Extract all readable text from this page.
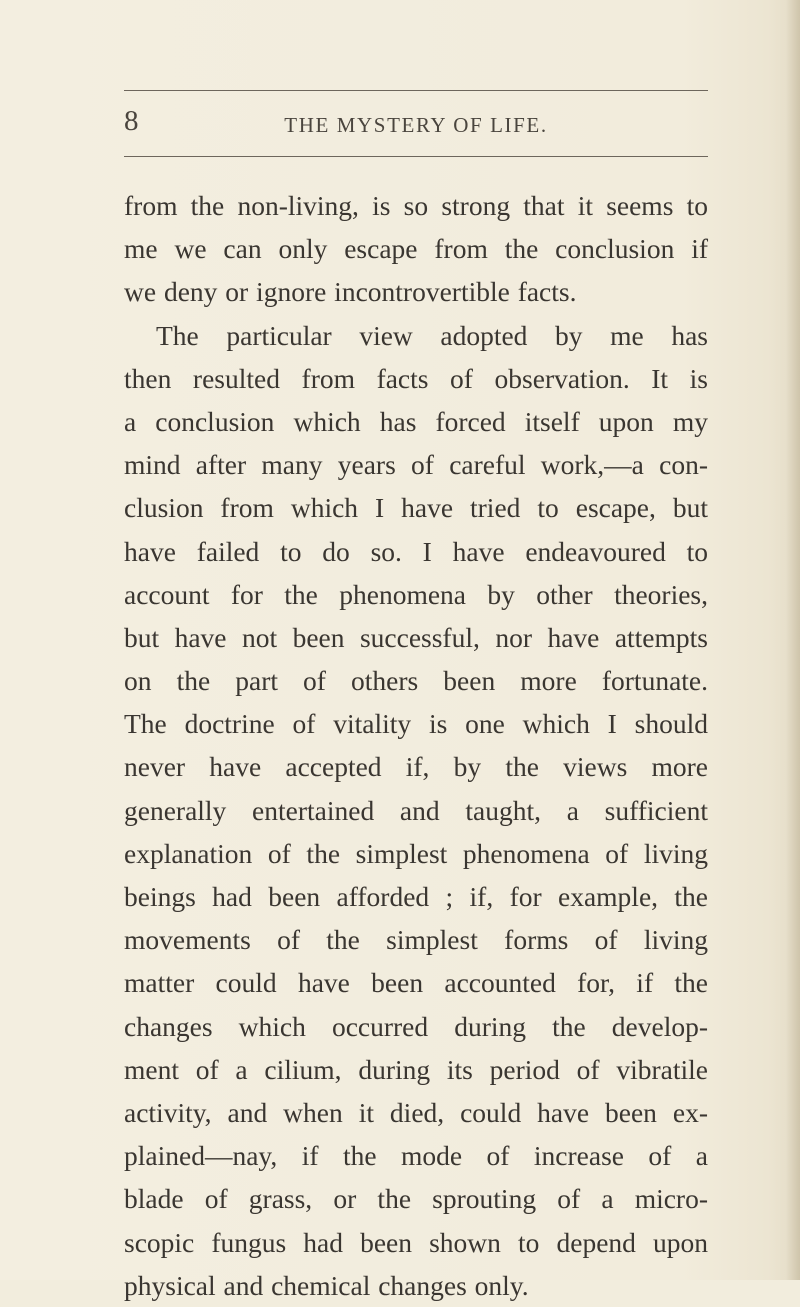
8	THE MYSTERY OF LIFE.
from the non-living, is so strong that it seems to
me we can only escape from the conclusion if
we deny or ignore incontrovertible facts.
The particular view adopted by me has
then resulted from facts of observation. It is
a conclusion which has forced itself upon my
mind after many years of careful work,—a con-
clusion from which I have tried to escape, but
have failed to do so. I have endeavoured to
account for the phenomena by other theories,
but have not been successful, nor have attempts
on the part of others been more fortunate.
The doctrine of vitality is one which I should
never have accepted if, by the views more
generally entertained and taught, a sufficient
explanation of the simplest phenomena of living
beings had been afforded ; if, for example, the
movements of the simplest forms of living
matter could have been accounted for, if the
changes which occurred during the develop-
ment of a cilium, during its period of vibratile
activity, and when it died, could have been ex-
plained—nay, if the mode of increase of a
blade of grass, or the sprouting of a micro-
scopic fungus had been shown to depend upon
physical and chemical changes only.
